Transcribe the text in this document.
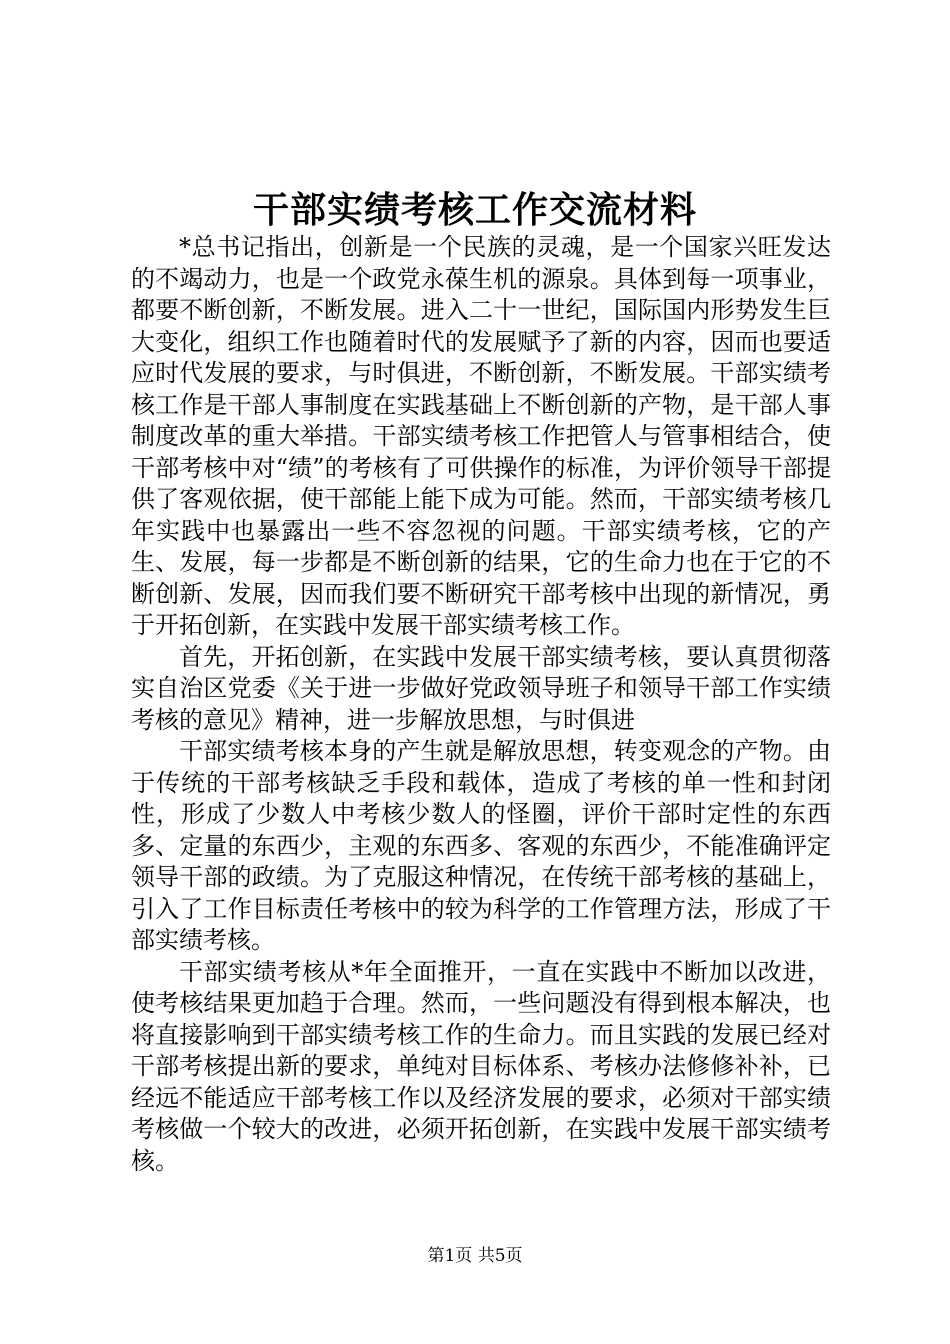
干部实绩考核工作交流材料

*总书记指出，创新是一个民族的灵魂，是一个国家兴旺发达的不竭动力，也是一个政党永葆生机的源泉。具体到每一项事业，都要不断创新，不断发展。进入二十一世纪，国际国内形势发生巨大变化，组织工作也随着时代的发展赋予了新的内容，因而也要适应时代发展的要求，与时俱进，不断创新，不断发展。干部实绩考核工作是干部人事制度在实践基础上不断创新的产物，是干部人事制度改革的重大举措。干部实绩考核工作把管人与管事相结合，使干部考核中对“绩”的考核有了可供操作的标准，为评价领导干部提供了客观依据，使干部能上能下成为可能。然而，干部实绩考核几年实践中也暴露出一些不容忽视的问题。干部实绩考核，它的产生、发展，每一步都是不断创新的结果，它的生命力也在于它的不断创新、发展，因而我们要不断研究干部考核中出现的新情况，勇于开拓创新，在实践中发展干部实绩考核工作。

首先，开拓创新，在实践中发展干部实绩考核，要认真贯彻落实自治区党委《关于进一步做好党政领导班子和领导干部工作实绩考核的意见》精神，进一步解放思想，与时俱进

干部实绩考核本身的产生就是解放思想，转变观念的产物。由于传统的干部考核缺乏手段和载体，造成了考核的单一性和封闭性，形成了少数人中考核少数人的怪圈，评价干部时定性的东西多、定量的东西少，主观的东西多、客观的东西少，不能准确评定领导干部的政绩。为了克服这种情况，在传统干部考核的基础上，引入了工作目标责任考核中的较为科学的工作管理方法，形成了干部实绩考核。

干部实绩考核从*年全面推开，一直在实践中不断加以改进，使考核结果更加趋于合理。然而，一些问题没有得到根本解决，也将直接影响到干部实绩考核工作的生命力。而且实践的发展已经对干部考核提出新的要求，单纯对目标体系、考核办法修修补补，已经远不能适应干部考核工作以及经济发展的要求，必须对干部实绩考核做一个较大的改进，必须开拓创新，在实践中发展干部实绩考核。

第1页 共5页
